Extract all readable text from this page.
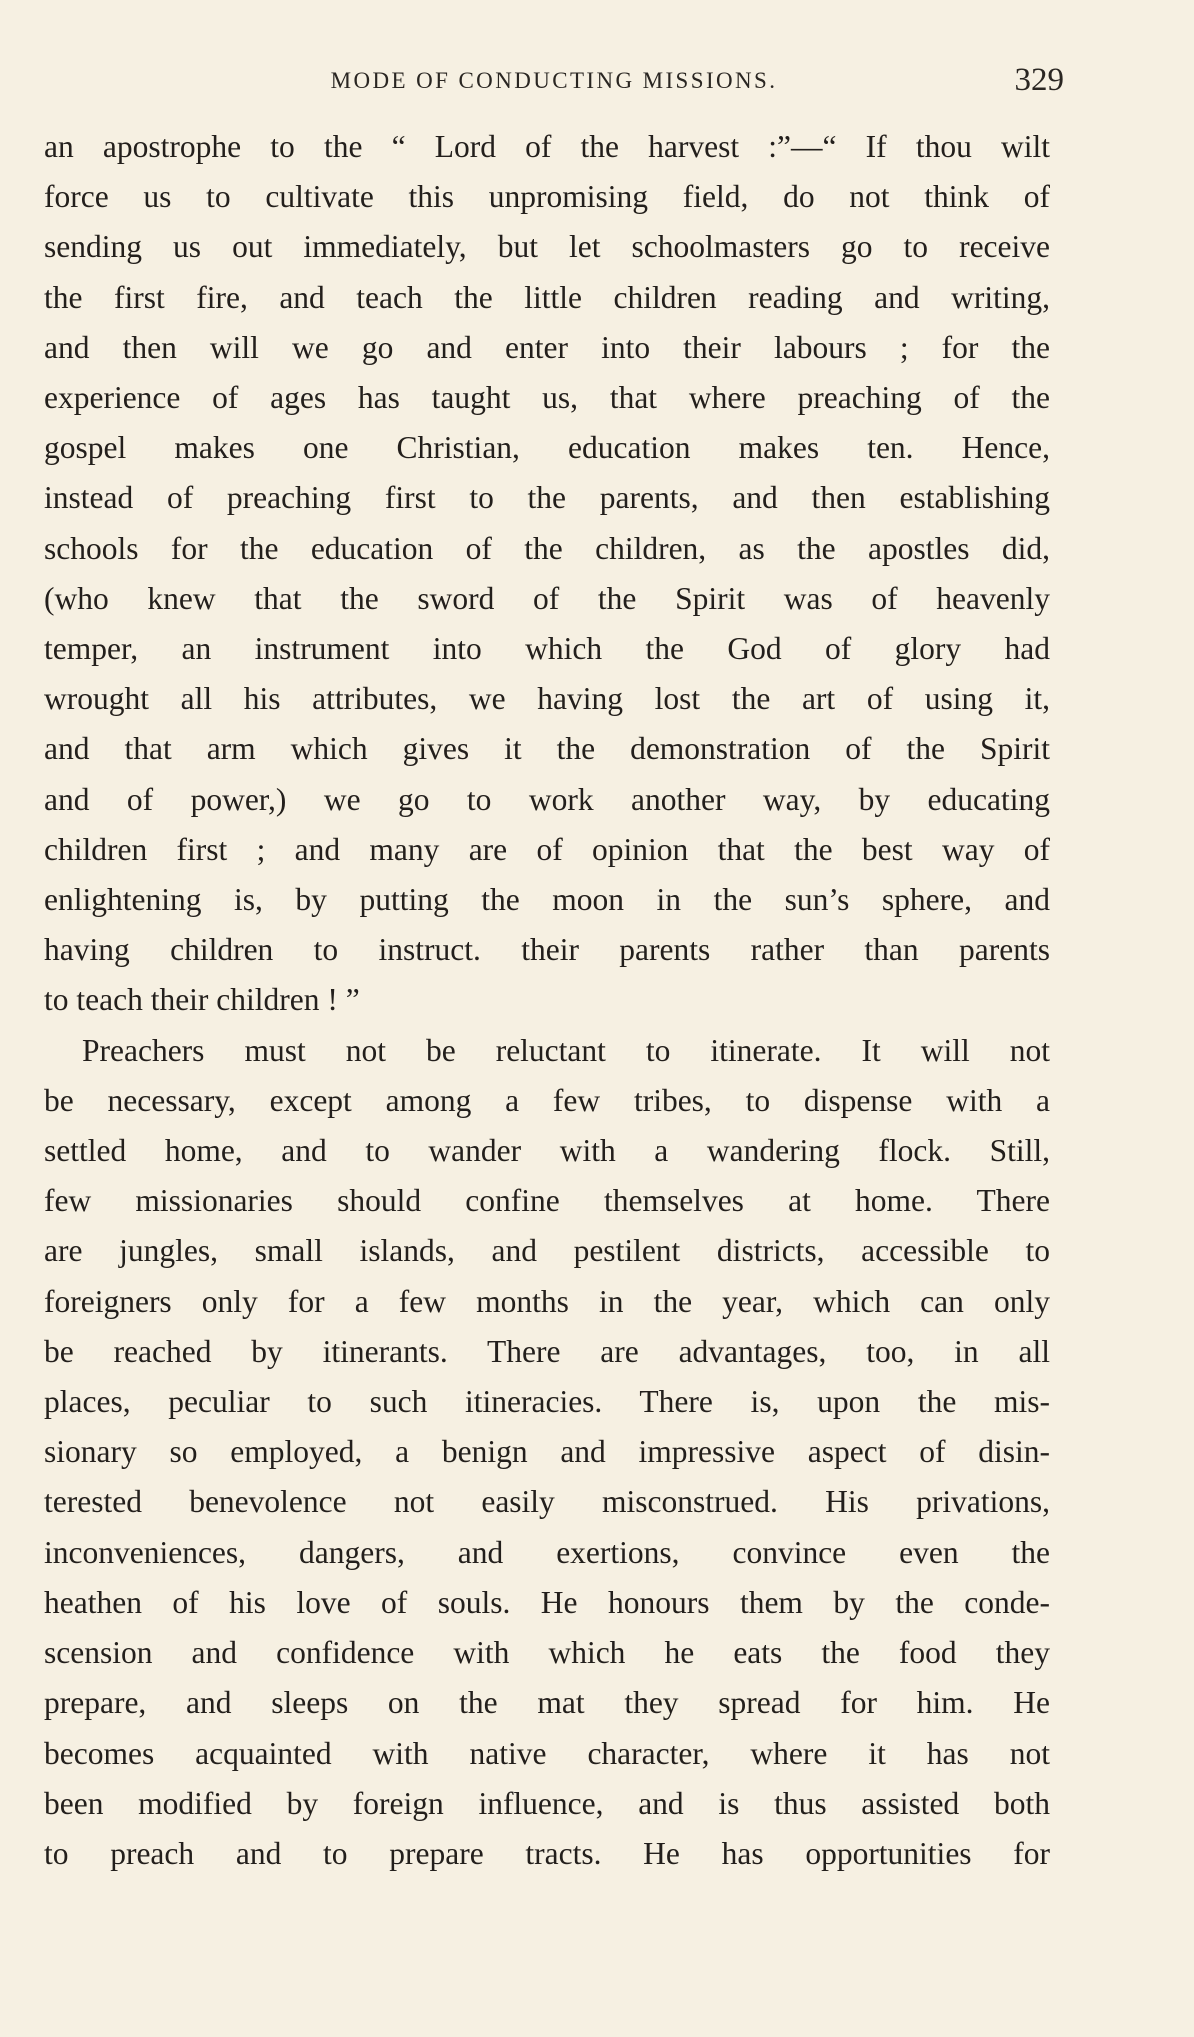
MODE OF CONDUCTING MISSIONS.	329
an apostrophe to the “ Lord of the harvest :”—“ If thou wilt
force us to cultivate this unpromising field, do not think of
sending us out immediately, but let schoolmasters go to receive
the first fire, and teach the little children reading and writing,
and then will we go and enter into their labours ; for the
experience of ages has taught us, that where preaching of the
gospel makes one Christian, education makes ten. Hence,
instead of preaching first to the parents, and then establishing
schools for the education of the children, as the apostles did,
(who knew that the sword of the Spirit was of heavenly
temper, an instrument into which the God of glory had
wrought all his attributes, we having lost the art of using it,
and that arm which gives it the demonstration of the Spirit
and of power,) we go to work another way, by educating
children first ; and many are of opinion that the best way of
enlightening is, by putting the moon in the sun’s sphere, and
having children to instruct. their parents rather than parents
to teach their children ! ”
Preachers must not be reluctant to itinerate. It will not
be necessary, except among a few tribes, to dispense with a
settled home, and to wander with a wandering flock. Still,
few missionaries should confine themselves at home. There
are jungles, small islands, and pestilent districts, accessible to
foreigners only for a few months in the year, which can only
be reached by itinerants. There are advantages, too, in all
places, peculiar to such itineracies. There is, upon the mis-
sionary so employed, a benign and impressive aspect of disin-
terested benevolence not easily misconstrued. His privations,
inconveniences, dangers, and exertions, convince even the
heathen of his love of souls. He honours them by the conde-
scension and confidence with which he eats the food they
prepare, and sleeps on the mat they spread for him. He
becomes acquainted with native character, where it has not
been modified by foreign influence, and is thus assisted both
to preach and to prepare tracts. He has opportunities for
